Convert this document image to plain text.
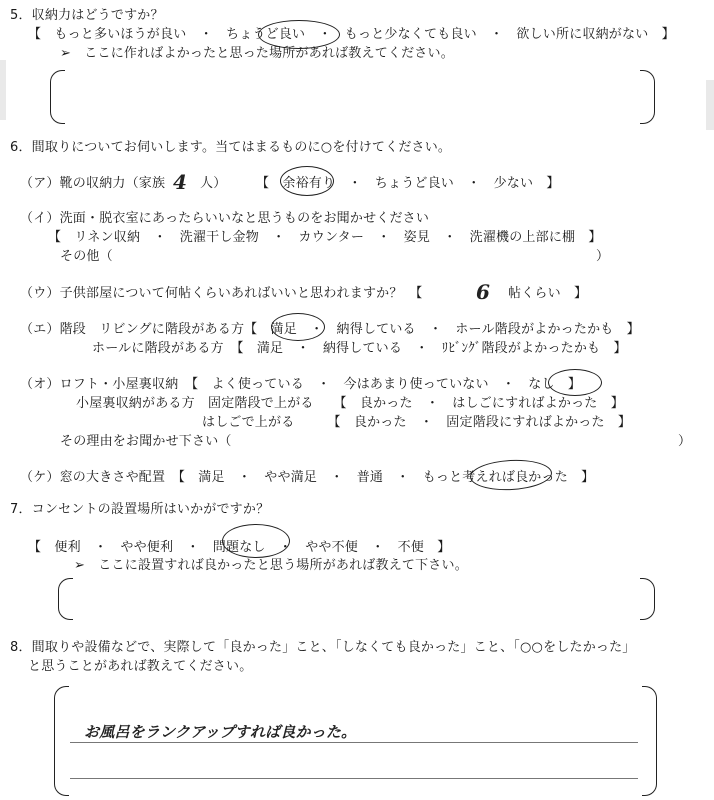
5．収納力はどうですか？
【　もっと多いほうが良い　・　ちょうど良い　・　もっと少なくても良い　・　欲しい所に収納がない　】
➢　ここに作ればよかったと思った場所があれば教えてください。
6．間取りについてお伺いします。当てはまるものに○を付けてください。
（ア）靴の収納力（家族 4 人） 【　余裕有り　・　ちょうど良い　・　少ない　】
（イ）洗面・脱衣室にあったらいいなと思うものをお聞かせください
【　リネン収納　・　洗濯干し金物　・　カウンター　・　姿見　・　洗濯機の上部に棚　】
その他（	）
（ウ）子供部屋について何帖くらいあればいいと思われますか？　【	6 帖くらい　】
（エ）階段　リビングに階段がある方【　満足　・　納得している　・　ホール階段がよかったかも　】
ホールに階段がある方　【　満足　・　納得している　・　ﾘﾋﾞﾝｸﾞ階段がよかったかも　】
（オ）ロフト・小屋裏収納　【　よく使っている　・　今はあまり使っていない　・　なし　】
小屋裏収納がある方　固定階段で上がる　　【　良かった　・　はしごにすればよかった　】
はしごで上がる　　　【　良かった　・　固定階段にすればよかった　】
その理由をお聞かせ下さい（	）
（ケ）窓の大きさや配置　【　満足　・　やや満足　・　普通　・　もっと考えれば良かった　】
7．コンセントの設置場所はいかがですか？
【　便利　・　やや便利　・　問題なし　・　やや不便　・　不便　】
➢　ここに設置すれば良かったと思う場所があれば教えて下さい。
8．間取りや設備などで、実際して「良かった」こと、「しなくても良かった」こと、「○○をしたかった」
と思うことがあれば教えてください。
お風呂をランクアップすれば良かった。
